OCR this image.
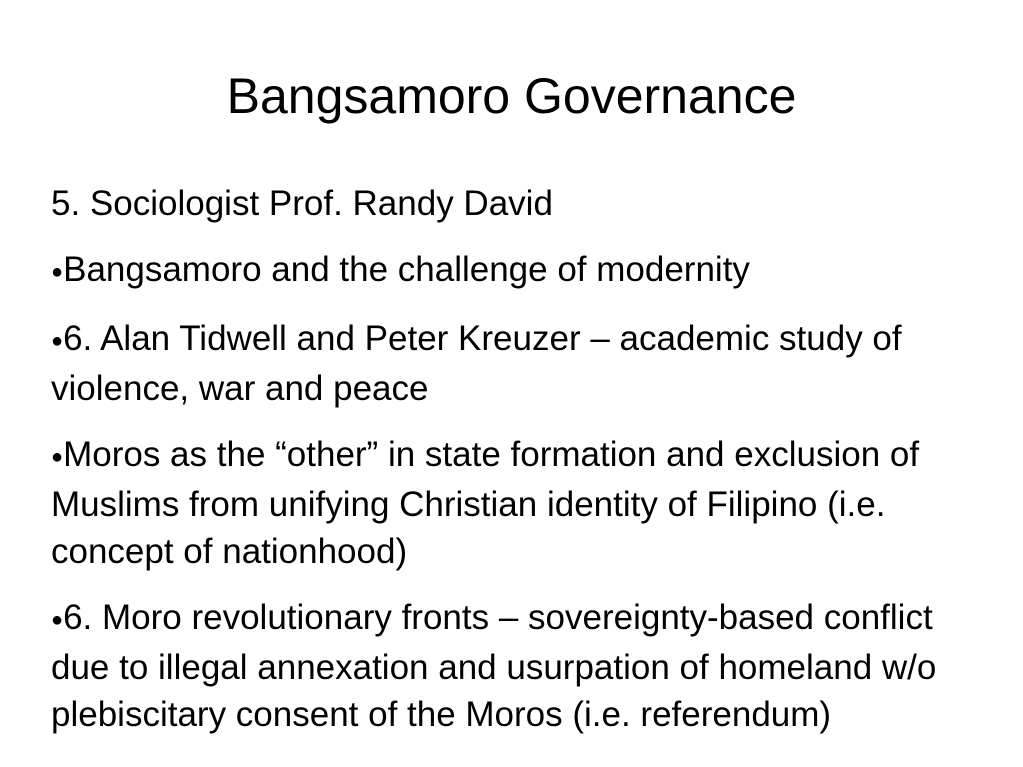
Bangsamoro Governance
5. Sociologist Prof. Randy David
●Bangsamoro and the challenge of modernity
●6. Alan Tidwell and Peter Kreuzer – academic study of violence, war and peace
●Moros as the “other” in state formation and exclusion of Muslims from unifying Christian identity of Filipino (i.e. concept of nationhood)
●6. Moro revolutionary fronts – sovereignty-based conflict due to illegal annexation and usurpation of homeland w/o plebiscitary consent of the Moros (i.e. referendum)
